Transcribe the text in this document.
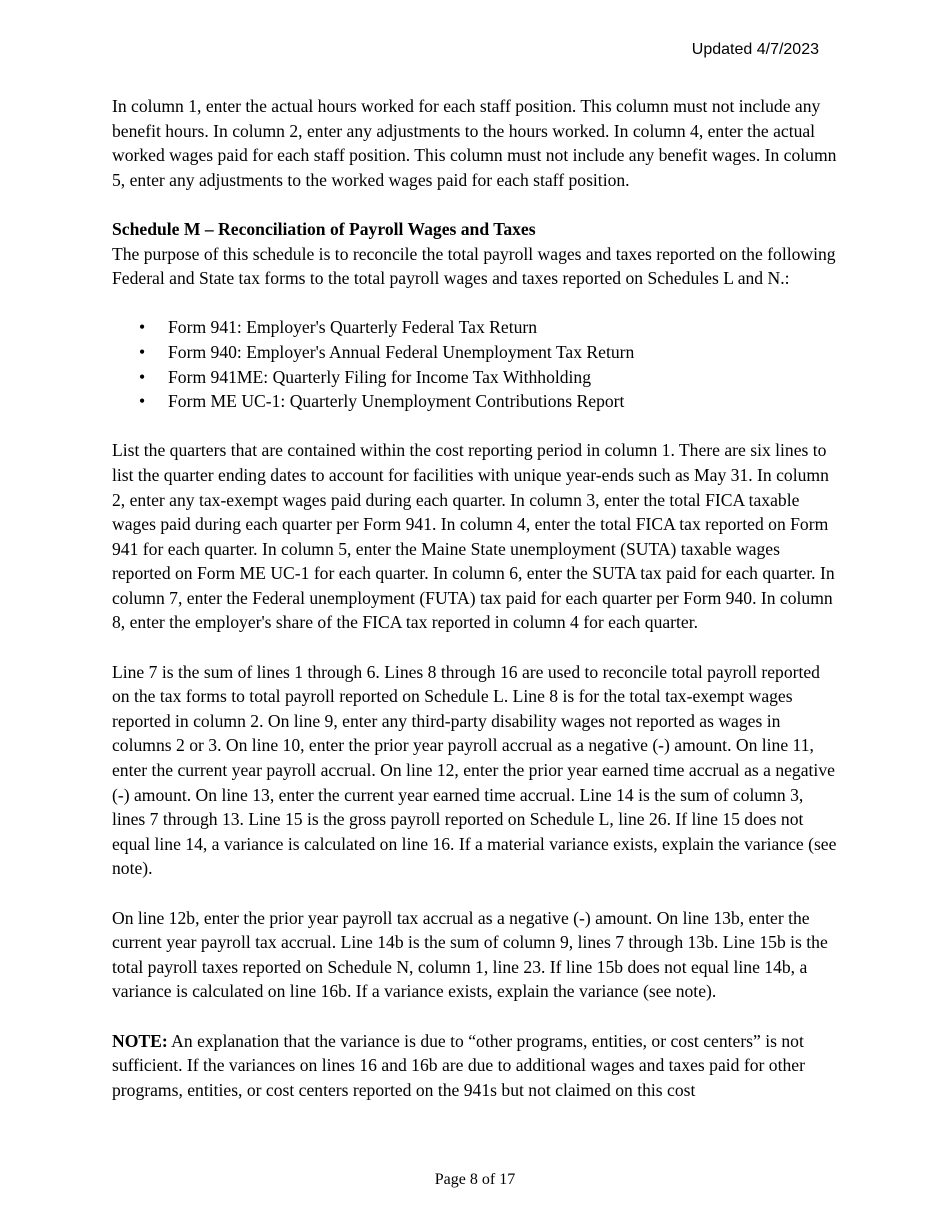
Updated 4/7/2023

In column 1, enter the actual hours worked for each staff position. This column must not include any benefit hours. In column 2, enter any adjustments to the hours worked. In column 4, enter the actual worked wages paid for each staff position. This column must not include any benefit wages. In column 5, enter any adjustments to the worked wages paid for each staff position.

Schedule M – Reconciliation of Payroll Wages and Taxes
The purpose of this schedule is to reconcile the total payroll wages and taxes reported on the following Federal and State tax forms to the total payroll wages and taxes reported on Schedules L and N.:

• Form 941: Employer's Quarterly Federal Tax Return
• Form 940: Employer's Annual Federal Unemployment Tax Return
• Form 941ME: Quarterly Filing for Income Tax Withholding
• Form ME UC-1: Quarterly Unemployment Contributions Report

List the quarters that are contained within the cost reporting period in column 1. There are six lines to list the quarter ending dates to account for facilities with unique year-ends such as May 31. In column 2, enter any tax-exempt wages paid during each quarter. In column 3, enter the total FICA taxable wages paid during each quarter per Form 941. In column 4, enter the total FICA tax reported on Form 941 for each quarter. In column 5, enter the Maine State unemployment (SUTA) taxable wages reported on Form ME UC-1 for each quarter. In column 6, enter the SUTA tax paid for each quarter. In column 7, enter the Federal unemployment (FUTA) tax paid for each quarter per Form 940. In column 8, enter the employer's share of the FICA tax reported in column 4 for each quarter.

Line 7 is the sum of lines 1 through 6. Lines 8 through 16 are used to reconcile total payroll reported on the tax forms to total payroll reported on Schedule L. Line 8 is for the total tax-exempt wages reported in column 2. On line 9, enter any third-party disability wages not reported as wages in columns 2 or 3. On line 10, enter the prior year payroll accrual as a negative (-) amount. On line 11, enter the current year payroll accrual. On line 12, enter the prior year earned time accrual as a negative (-) amount. On line 13, enter the current year earned time accrual. Line 14 is the sum of column 3, lines 7 through 13. Line 15 is the gross payroll reported on Schedule L, line 26. If line 15 does not equal line 14, a variance is calculated on line 16. If a material variance exists, explain the variance (see note).

On line 12b, enter the prior year payroll tax accrual as a negative (-) amount. On line 13b, enter the current year payroll tax accrual. Line 14b is the sum of column 9, lines 7 through 13b. Line 15b is the total payroll taxes reported on Schedule N, column 1, line 23. If line 15b does not equal line 14b, a variance is calculated on line 16b. If a variance exists, explain the variance (see note).

NOTE: An explanation that the variance is due to “other programs, entities, or cost centers” is not sufficient. If the variances on lines 16 and 16b are due to additional wages and taxes paid for other programs, entities, or cost centers reported on the 941s but not claimed on this cost

Page 8 of 17
